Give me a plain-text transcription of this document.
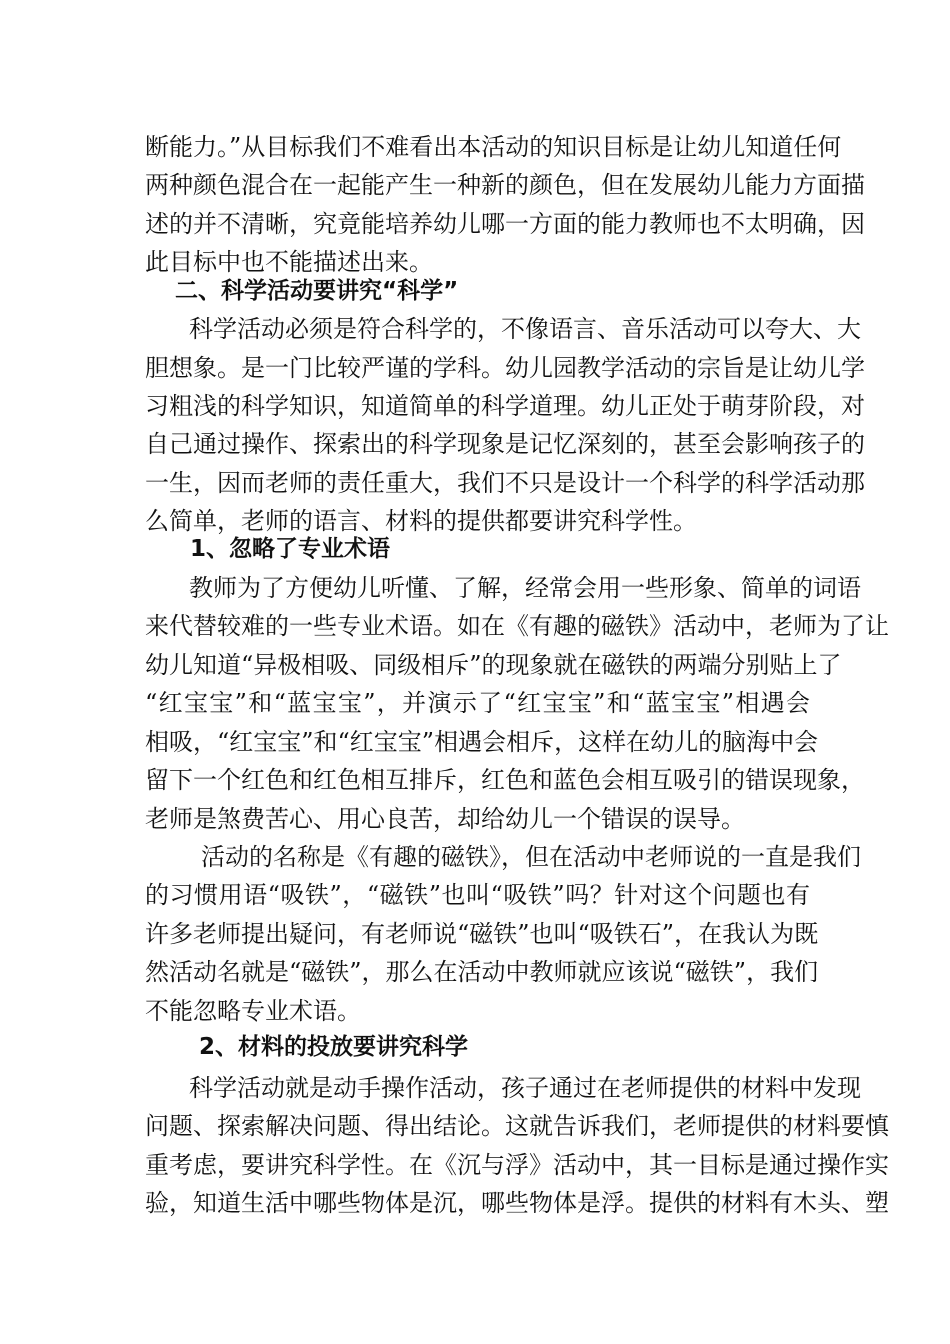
断能力。”从目标我们不难看出本活动的知识目标是让幼儿知道任何
两种颜色混合在一起能产生一种新的颜色，但在发展幼儿能力方面描
述的并不清晰，究竟能培养幼儿哪一方面的能力教师也不太明确，因
此目标中也不能描述出来。
二、科学活动要讲究“科学”
科学活动必须是符合科学的，不像语言、音乐活动可以夸大、大
胆想象。是一门比较严谨的学科。幼儿园教学活动的宗旨是让幼儿学
习粗浅的科学知识，知道简单的科学道理。幼儿正处于萌芽阶段，对
自己通过操作、探索出的科学现象是记忆深刻的，甚至会影响孩子的
一生，因而老师的责任重大，我们不只是设计一个科学的科学活动那
么简单，老师的语言、材料的提供都要讲究科学性。
1、忽略了专业术语
教师为了方便幼儿听懂、了解，经常会用一些形象、简单的词语
来代替较难的一些专业术语。如在《有趣的磁铁》活动中，老师为了让
幼儿知道“异极相吸、同级相斥”的现象就在磁铁的两端分别贴上了
“红宝宝”和“蓝宝宝”，并演示了“红宝宝”和“蓝宝宝”相遇会
相吸，“红宝宝”和“红宝宝”相遇会相斥，这样在幼儿的脑海中会
留下一个红色和红色相互排斥，红色和蓝色会相互吸引的错误现象，
老师是煞费苦心、用心良苦，却给幼儿一个错误的误导。
活动的名称是《有趣的磁铁》，但在活动中老师说的一直是我们
的习惯用语“吸铁”，“磁铁”也叫“吸铁”吗？针对这个问题也有
许多老师提出疑问，有老师说“磁铁”也叫“吸铁石”，在我认为既
然活动名就是“磁铁”，那么在活动中教师就应该说“磁铁”，我们
不能忽略专业术语。
2、材料的投放要讲究科学
科学活动就是动手操作活动，孩子通过在老师提供的材料中发现
问题、探索解决问题、得出结论。这就告诉我们，老师提供的材料要慎
重考虑，要讲究科学性。在《沉与浮》活动中，其一目标是通过操作实
验，知道生活中哪些物体是沉，哪些物体是浮。提供的材料有木头、塑
